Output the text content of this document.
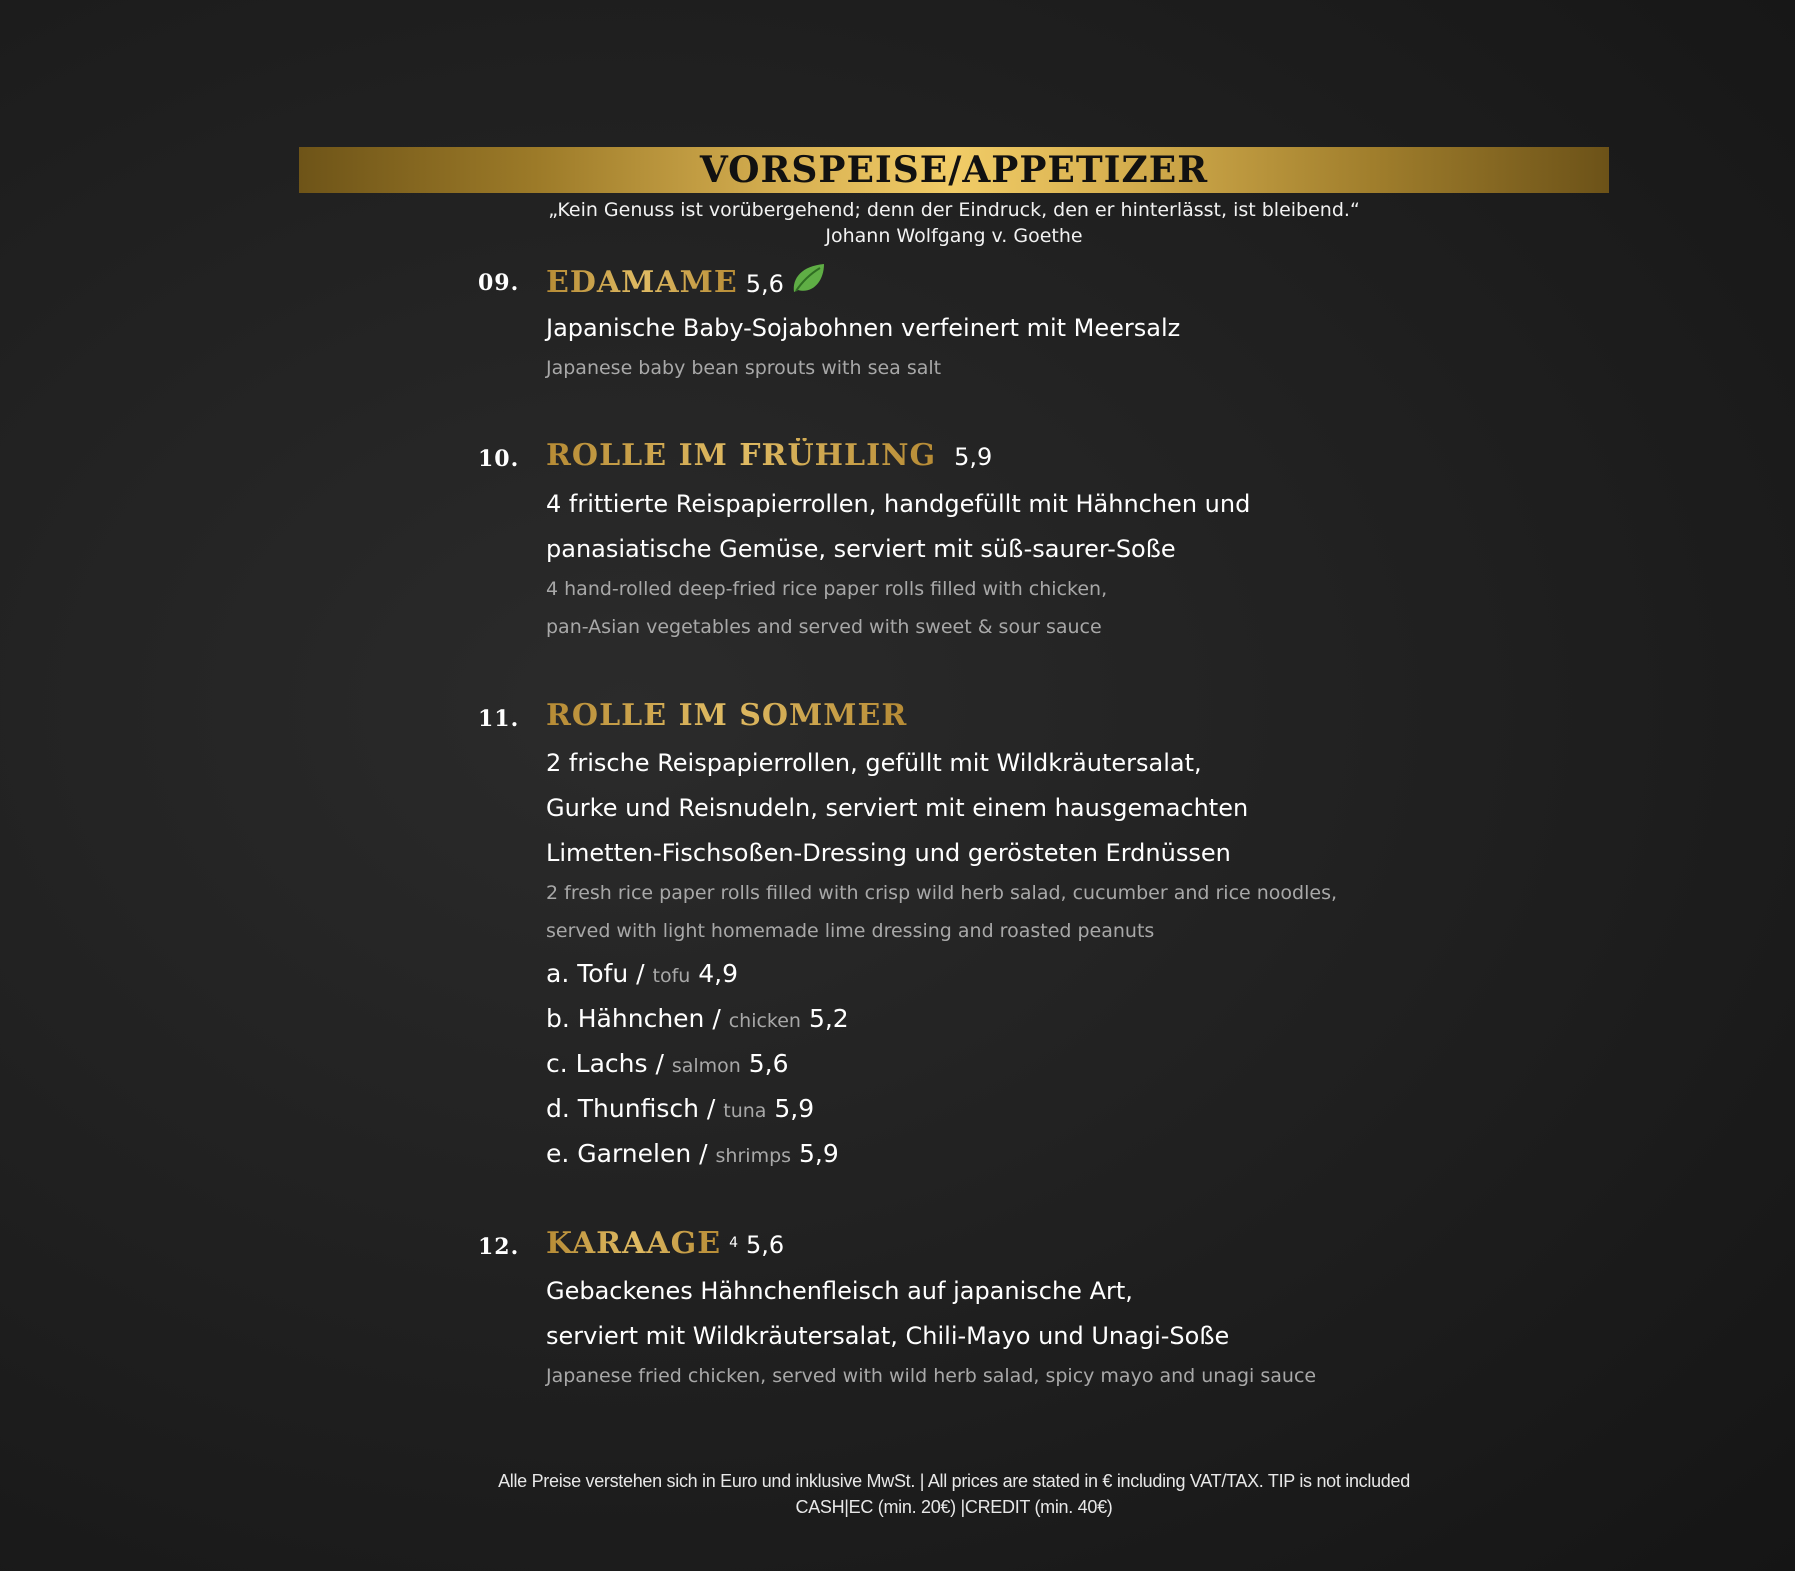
VORSPEISE/APPETIZER
„Kein Genuss ist vorübergehend; denn der Eindruck, den er hinterlässt, ist bleibend.“
Johann Wolfgang v. Goethe
09. EDAMAME 5,6
Japanische Baby-Sojabohnen verfeinert mit Meersalz
Japanese baby bean sprouts with sea salt
10. ROLLE IM FRÜHLING 5,9
4 frittierte Reispapierrollen, handgefüllt mit Hähnchen und
panasiatische Gemüse, serviert mit süß-saurer-Soße
4 hand-rolled deep-fried rice paper rolls filled with chicken,
pan-Asian vegetables and served with sweet & sour sauce
11. ROLLE IM SOMMER
2 frische Reispapierrollen, gefüllt mit Wildkräutersalat,
Gurke und Reisnudeln, serviert mit einem hausgemachten
Limetten-Fischsoßen-Dressing und gerösteten Erdnüssen
2 fresh rice paper rolls filled with crisp wild herb salad, cucumber and rice noodles,
served with light homemade lime dressing and roasted peanuts
a. Tofu / tofu 4,9
b. Hähnchen / chicken 5,2
c. Lachs / salmon 5,6
d. Thunfisch / tuna 5,9
e. Garnelen / shrimps 5,9
12. KARAAGE 4 5,6
Gebackenes Hähnchenfleisch auf japanische Art,
serviert mit Wildkräutersalat, Chili-Mayo und Unagi-Soße
Japanese fried chicken, served with wild herb salad, spicy mayo and unagi sauce
Alle Preise verstehen sich in Euro und inklusive MwSt. | All prices are stated in € including VAT/TAX. TIP is not included
CASH|EC (min. 20€) |CREDIT (min. 40€)
